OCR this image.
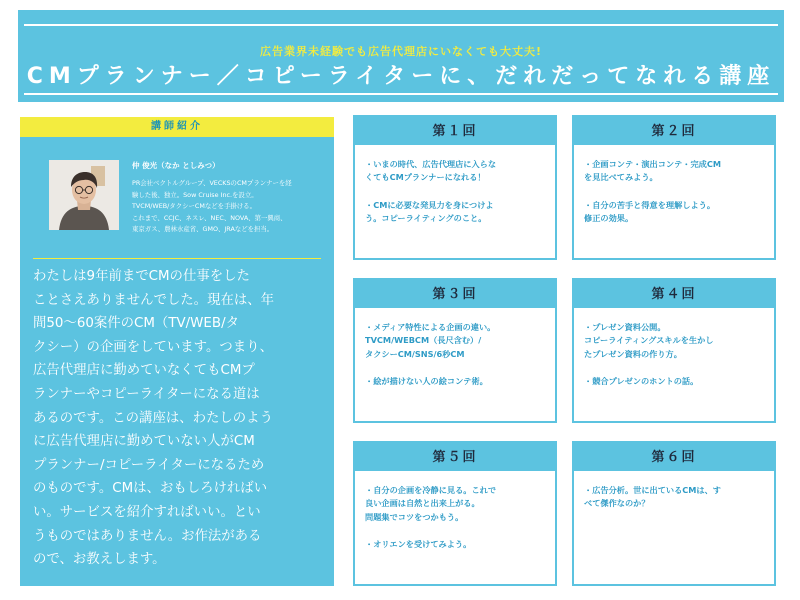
広告業界未経験でも広告代理店にいなくても大丈夫!
CMプランナー／コピーライターに、だれだってなれる講座
講師紹介
仲 俊光（なか としみつ）
PR会社ベクトルグループ、VECKSのCMプランナーを経
験した後、独立。Sow Cruise Inc.を設立。
TVCM/WEB/タクシーCMなどを手掛ける。
これまで、CCJC、ネスレ、NEC、NOVA、第一興商、
東京ガス、農林水産省、GMO、JRAなどを担当。
わたしは9年前までCMの仕事をした
ことさえありませんでした。現在は、年
間50～60案件のCM（TV/WEB/タ
クシー）の企画をしています。つまり、
広告代理店に勤めていなくてもCMプ
ランナーやコピーライターになる道は
あるのです。この講座は、わたしのよう
に広告代理店に勤めていない人がCM
プランナー/コピーライターになるため
のものです。CMは、おもしろければい
い。サービスを紹介すればいい。とい
うものではありません。お作法がある
ので、お教えします。
第１回
・いまの時代、広告代理店に入らな
くてもCMプランナーになれる！
・CMに必要な発見力を身につけよ
う。コピーライティングのこと。
第２回
・企画コンテ・演出コンテ・完成CM
を見比べてみよう。
・自分の苦手と得意を理解しよう。
修正の効果。
第３回
・メディア特性による企画の違い。
TVCM/WEBCM（長尺含む）/
タクシーCM/SNS/6秒CM
・絵が描けない人の絵コンテ術。
第４回
・プレゼン資料公開。
コピーライティングスキルを生かし
たプレゼン資料の作り方。
・競合プレゼンのホントの話。
第５回
・自分の企画を冷静に見る。これで
良い企画は自然と出来上がる。
問題集でコツをつかもう。
・オリエンを受けてみよう。
第６回
・広告分析。世に出ているCMは、す
べて傑作なのか？
